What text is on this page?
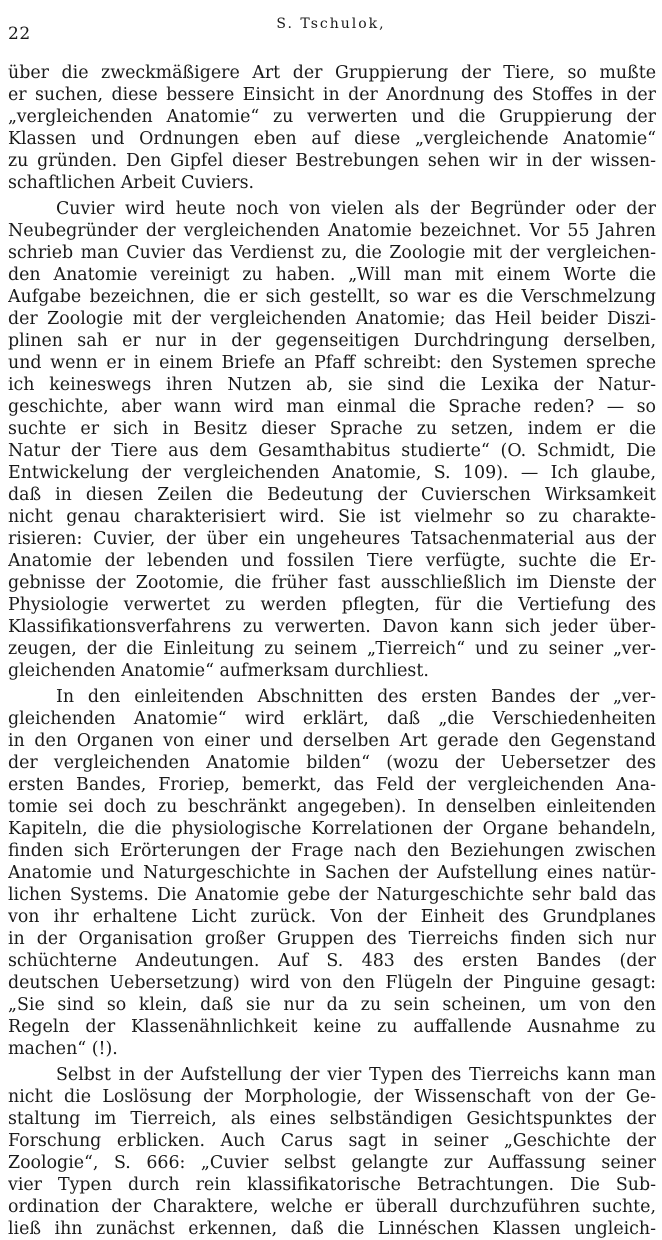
22	S. Tschulok,

über die zweckmäßigere Art der Gruppierung der Tiere, so mußte
er suchen, diese bessere Einsicht in der Anordnung des Stoffes in der
„vergleichenden Anatomie“ zu verwerten und die Gruppierung der
Klassen und Ordnungen eben auf diese „vergleichende Anatomie“
zu gründen. Den Gipfel dieser Bestrebungen sehen wir in der wissen-
schaftlichen Arbeit Cuviers.

Cuvier wird heute noch von vielen als der Begründer oder der
Neubegründer der vergleichenden Anatomie bezeichnet. Vor 55 Jahren
schrieb man Cuvier das Verdienst zu, die Zoologie mit der vergleichen-
den Anatomie vereinigt zu haben. „Will man mit einem Worte die
Aufgabe bezeichnen, die er sich gestellt, so war es die Verschmelzung
der Zoologie mit der vergleichenden Anatomie; das Heil beider Diszi-
plinen sah er nur in der gegenseitigen Durchdringung derselben,
und wenn er in einem Briefe an Pfaff schreibt: den Systemen spreche
ich keineswegs ihren Nutzen ab, sie sind die Lexika der Natur-
geschichte, aber wann wird man einmal die Sprache reden? — so
suchte er sich in Besitz dieser Sprache zu setzen, indem er die
Natur der Tiere aus dem Gesamthabitus studierte“ (O. Schmidt, Die
Entwickelung der vergleichenden Anatomie, S. 109). — Ich glaube,
daß in diesen Zeilen die Bedeutung der Cuvierschen Wirksamkeit
nicht genau charakterisiert wird. Sie ist vielmehr so zu charakte-
risieren: Cuvier, der über ein ungeheures Tatsachenmaterial aus der
Anatomie der lebenden und fossilen Tiere verfügte, suchte die Er-
gebnisse der Zootomie, die früher fast ausschließlich im Dienste der
Physiologie verwertet zu werden pflegten, für die Vertiefung des
Klassifikationsverfahrens zu verwerten. Davon kann sich jeder über-
zeugen, der die Einleitung zu seinem „Tierreich“ und zu seiner „ver-
gleichenden Anatomie“ aufmerksam durchliest.

In den einleitenden Abschnitten des ersten Bandes der „ver-
gleichenden Anatomie“ wird erklärt, daß „die Verschiedenheiten
in den Organen von einer und derselben Art gerade den Gegenstand
der vergleichenden Anatomie bilden“ (wozu der Uebersetzer des
ersten Bandes, Froriep, bemerkt, das Feld der vergleichenden Ana-
tomie sei doch zu beschränkt angegeben). In denselben einleitenden
Kapiteln, die die physiologische Korrelationen der Organe behandeln,
finden sich Erörterungen der Frage nach den Beziehungen zwischen
Anatomie und Naturgeschichte in Sachen der Aufstellung eines natür-
lichen Systems. Die Anatomie gebe der Naturgeschichte sehr bald das
von ihr erhaltene Licht zurück. Von der Einheit des Grundplanes
in der Organisation großer Gruppen des Tierreichs finden sich nur
schüchterne Andeutungen. Auf S. 483 des ersten Bandes (der
deutschen Uebersetzung) wird von den Flügeln der Pinguine gesagt:
„Sie sind so klein, daß sie nur da zu sein scheinen, um von den
Regeln der Klassenähnlichkeit keine zu auffallende Ausnahme zu
machen“ (!).

Selbst in der Aufstellung der vier Typen des Tierreichs kann man
nicht die Loslösung der Morphologie, der Wissenschaft von der Ge-
staltung im Tierreich, als eines selbständigen Gesichtspunktes der
Forschung erblicken. Auch Carus sagt in seiner „Geschichte der
Zoologie“, S. 666: „Cuvier selbst gelangte zur Auffassung seiner
vier Typen durch rein klassifikatorische Betrachtungen. Die Sub-
ordination der Charaktere, welche er überall durchzuführen suchte,
ließ ihn zunächst erkennen, daß die Linnéschen Klassen ungleich-
